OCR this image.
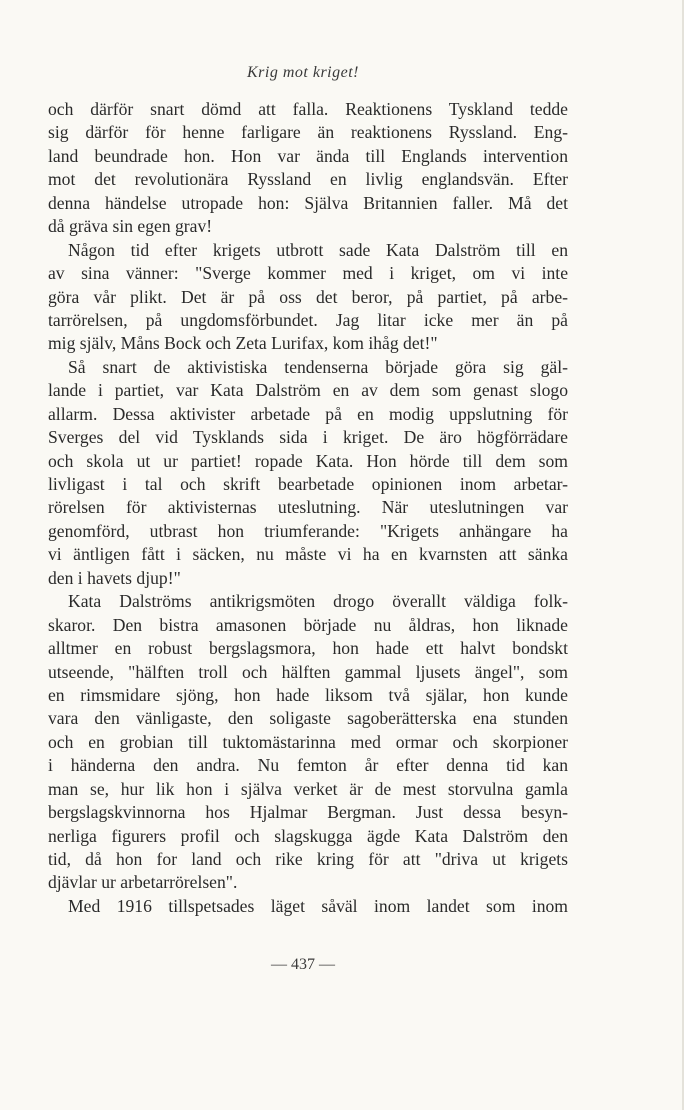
Krig mot kriget!
och därför snart dömd att falla. Reaktionens Tyskland tedde
sig därför för henne farligare än reaktionens Ryssland. Eng-
land beundrade hon. Hon var ända till Englands intervention
mot det revolutionära Ryssland en livlig englandsvän. Efter
denna händelse utropade hon: Själva Britannien faller. Må det
då gräva sin egen grav!
Någon tid efter krigets utbrott sade Kata Dalström till en
av sina vänner: "Sverge kommer med i kriget, om vi inte
göra vår plikt. Det är på oss det beror, på partiet, på arbe-
tarrörelsen, på ungdomsförbundet. Jag litar icke mer än på
mig själv, Måns Bock och Zeta Lurifax, kom ihåg det!"
Så snart de aktivistiska tendenserna började göra sig gäl-
lande i partiet, var Kata Dalström en av dem som genast slogo
allarm. Dessa aktivister arbetade på en modig uppslutning för
Sverges del vid Tysklands sida i kriget. De äro högförrädare
och skola ut ur partiet! ropade Kata. Hon hörde till dem som
livligast i tal och skrift bearbetade opinionen inom arbetar-
rörelsen för aktivisternas uteslutning. När uteslutningen var
genomförd, utbrast hon triumferande: "Krigets anhängare ha
vi äntligen fått i säcken, nu måste vi ha en kvarnsten att sänka
den i havets djup!"
Kata Dalströms antikrigsmöten drogo överallt väldiga folk-
skaror. Den bistra amasonen började nu åldras, hon liknade
alltmer en robust bergslagsmora, hon hade ett halvt bondskt
utseende, "hälften troll och hälften gammal ljusets ängel", som
en rimsmidare sjöng, hon hade liksom två själar, hon kunde
vara den vänligaste, den soligaste sagoberätterska ena stunden
och en grobian till tuktomästarinna med ormar och skorpioner
i händerna den andra. Nu femton år efter denna tid kan
man se, hur lik hon i själva verket är de mest storvulna gamla
bergslagskvinnorna hos Hjalmar Bergman. Just dessa besyn-
nerliga figurers profil och slagskugga ägde Kata Dalström den
tid, då hon for land och rike kring för att "driva ut krigets
djävlar ur arbetarrörelsen".
Med 1916 tillspetsades läget såväl inom landet som inom
— 437 —
